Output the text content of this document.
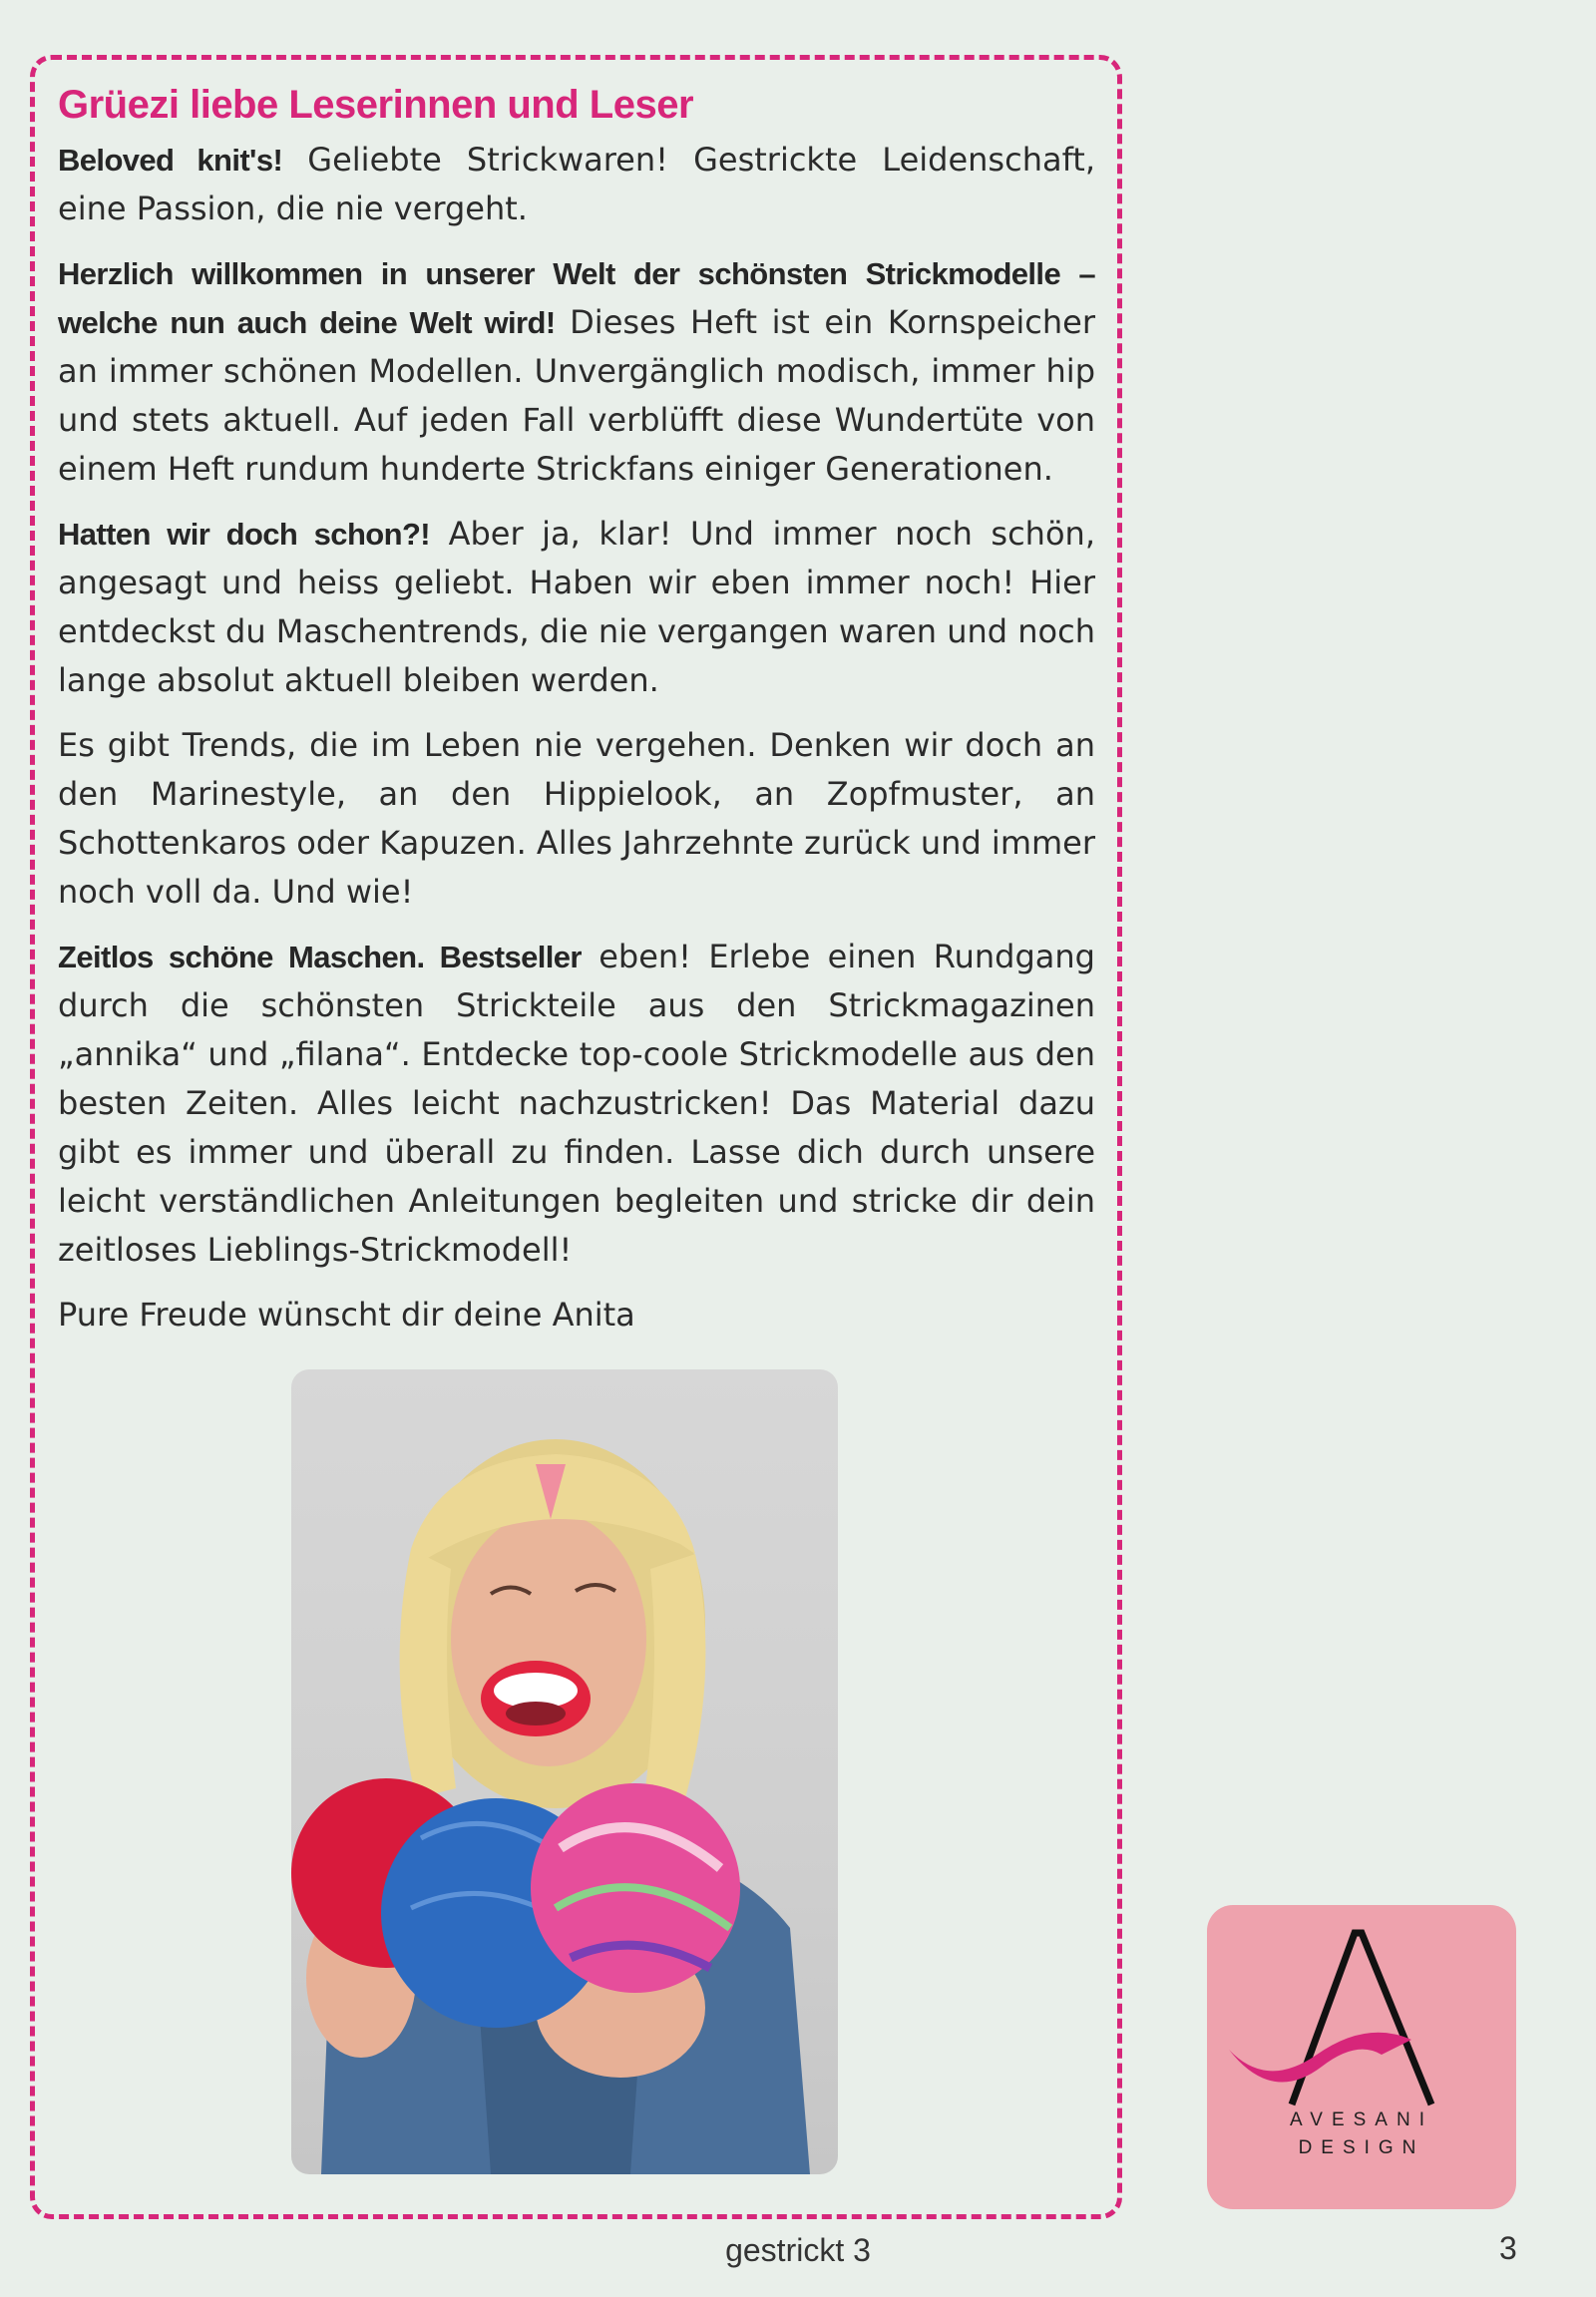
Grüezi liebe Leserinnen und Leser

Beloved knit's! Geliebte Strickwaren! Gestrickte Leidenschaft, eine Passion, die nie vergeht.

Herzlich willkommen in unserer Welt der schönsten Strickmodelle – welche nun auch deine Welt wird! Dieses Heft ist ein Kornspeicher an immer schönen Modellen. Unvergänglich modisch, immer hip und stets aktuell. Auf jeden Fall verblüfft diese Wundertüte von einem Heft rundum hunderte Strickfans einiger Generationen.

Hatten wir doch schon?! Aber ja, klar! Und immer noch schön, angesagt und heiss geliebt. Haben wir eben immer noch! Hier entdeckst du Maschentrends, die nie vergangen waren und noch lange absolut aktuell bleiben werden.

Es gibt Trends, die im Leben nie vergehen. Denken wir doch an den Marinestyle, an den Hippielook, an Zopfmuster, an Schottenkaros oder Kapuzen. Alles Jahrzehnte zurück und immer noch voll da. Und wie!

Zeitlos schöne Maschen. Bestseller eben! Erlebe einen Rundgang durch die schönsten Strickteile aus den Strickmagazinen „annika“ und „filana“. Entdecke top-coole Strickmodelle aus den besten Zeiten. Alles leicht nachzustricken! Das Material dazu gibt es immer und überall zu finden. Lasse dich durch unsere leicht verständlichen Anleitungen begleiten und stricke dir dein zeitloses Lieblings-Strickmodell!

Pure Freude wünscht dir deine Anita

AVESANI
DESIGN
gestrickt 3	3
